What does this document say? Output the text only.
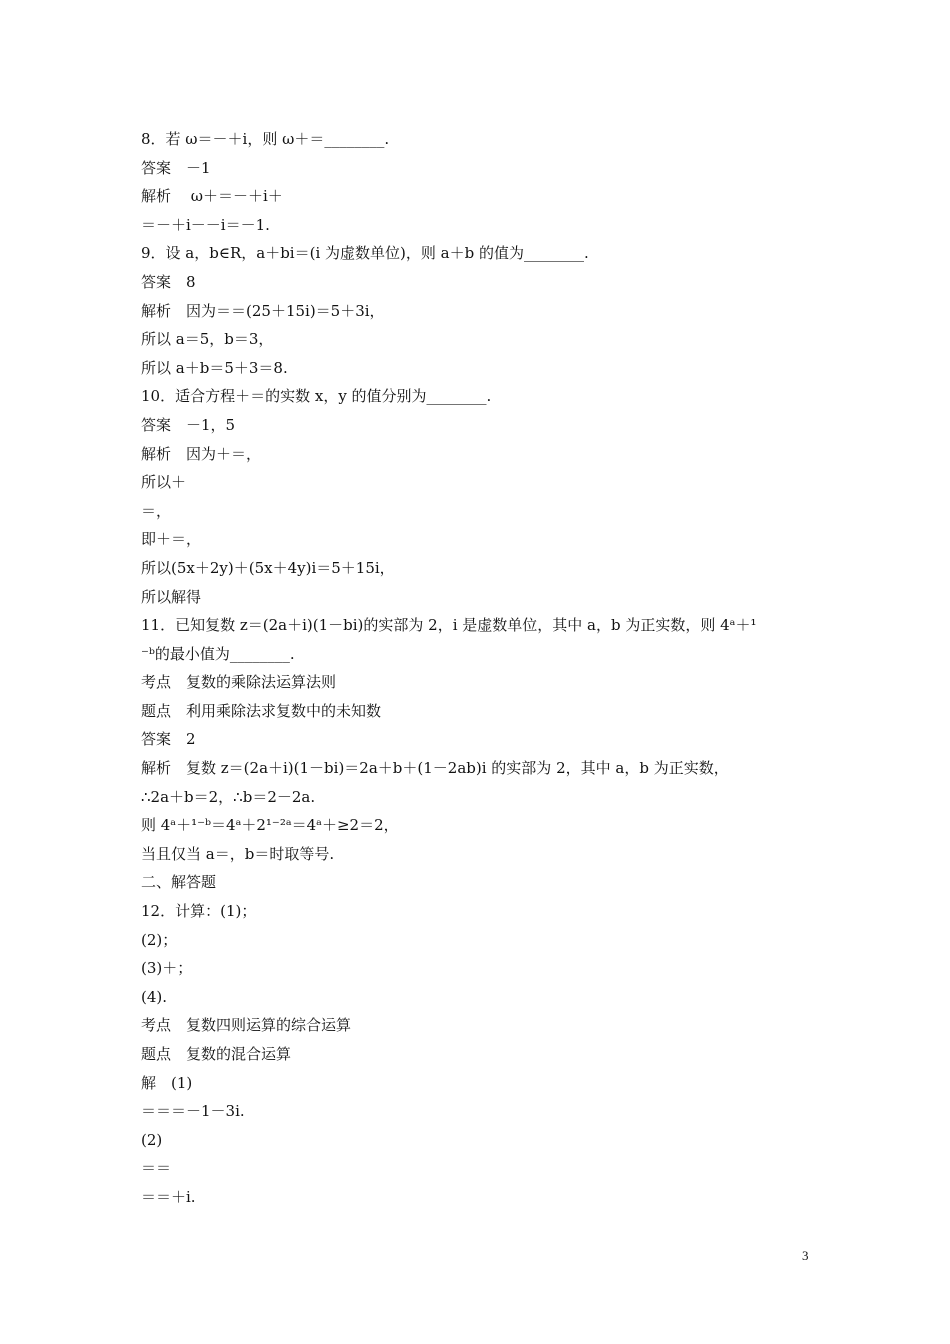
8．若 ω＝－＋i，则 ω＋＝________.
答案　－1
解析　 ω＋＝－＋i＋
＝－＋i－－i＝－1.
9．设 a，b∈R，a＋bi＝(i 为虚数单位)，则 a＋b 的值为________.
答案　8
解析　因为＝＝(25＋15i)＝5＋3i，
所以 a＝5，b＝3，
所以 a＋b＝5＋3＝8.
10．适合方程＋＝的实数 x，y 的值分别为________.
答案　－1，5
解析　因为＋＝，
所以＋
＝，
即＋＝，
所以(5x＋2y)＋(5x＋4y)i＝5＋15i，
所以解得
11．已知复数 z＝(2a＋i)(1－bi)的实部为 2，i 是虚数单位，其中 a，b 为正实数，则 4ᵃ＋¹
⁻ᵇ的最小值为________.
考点　复数的乘除法运算法则
题点　利用乘除法求复数中的未知数
答案　2
解析　复数 z＝(2a＋i)(1－bi)＝2a＋b＋(1－2ab)i 的实部为 2，其中 a，b 为正实数，
∴2a＋b＝2，∴b＝2－2a.
则 4ᵃ＋¹⁻ᵇ＝4ᵃ＋2¹⁻²ᵃ＝4ᵃ＋≥2＝2，
当且仅当 a＝，b＝时取等号.
二、解答题
12．计算：(1)；
(2)；
(3)＋；
(4).
考点　复数四则运算的综合运算
题点　复数的混合运算
解　(1)
＝＝＝－1－3i.
(2)
＝＝
＝＝＋i.
3
